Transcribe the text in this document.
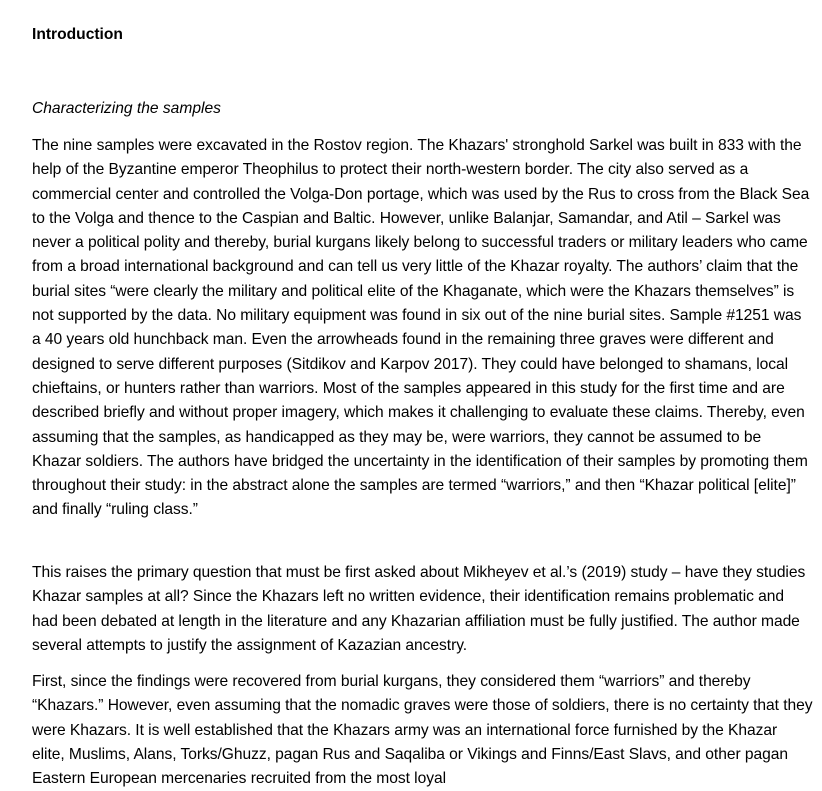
Introduction

Characterizing the samples

The nine samples were excavated in the Rostov region. The Khazars' stronghold Sarkel was built in 833 with the help of the Byzantine emperor Theophilus to protect their north-western border. The city also served as a commercial center and controlled the Volga-Don portage, which was used by the Rus to cross from the Black Sea to the Volga and thence to the Caspian and Baltic. However, unlike Balanjar, Samandar, and Atil – Sarkel was never a political polity and thereby, burial kurgans likely belong to successful traders or military leaders who came from a broad international background and can tell us very little of the Khazar royalty. The authors’ claim that the burial sites “were clearly the military and political elite of the Khaganate, which were the Khazars themselves” is not supported by the data. No military equipment was found in six out of the nine burial sites. Sample #1251 was a 40 years old hunchback man. Even the arrowheads found in the remaining three graves were different and designed to serve different purposes (Sitdikov and Karpov 2017). They could have belonged to shamans, local chieftains, or hunters rather than warriors. Most of the samples appeared in this study for the first time and are described briefly and without proper imagery, which makes it challenging to evaluate these claims. Thereby, even assuming that the samples, as handicapped as they may be, were warriors, they cannot be assumed to be Khazar soldiers. The authors have bridged the uncertainty in the identification of their samples by promoting them throughout their study: in the abstract alone the samples are termed “warriors,” and then “Khazar political [elite]” and finally “ruling class.”

This raises the primary question that must be first asked about Mikheyev et al.’s (2019) study – have they studies Khazar samples at all? Since the Khazars left no written evidence, their identification remains problematic and had been debated at length in the literature and any Khazarian affiliation must be fully justified. The author made several attempts to justify the assignment of Kazazian ancestry.

First, since the findings were recovered from burial kurgans, they considered them “warriors” and thereby “Khazars.” However, even assuming that the nomadic graves were those of soldiers, there is no certainty that they were Khazars. It is well established that the Khazars army was an international force furnished by the Khazar elite, Muslims, Alans, Torks/Ghuzz, pagan Rus and Saqaliba or Vikings and Finns/East Slavs, and other pagan Eastern European mercenaries recruited from the most loyal
